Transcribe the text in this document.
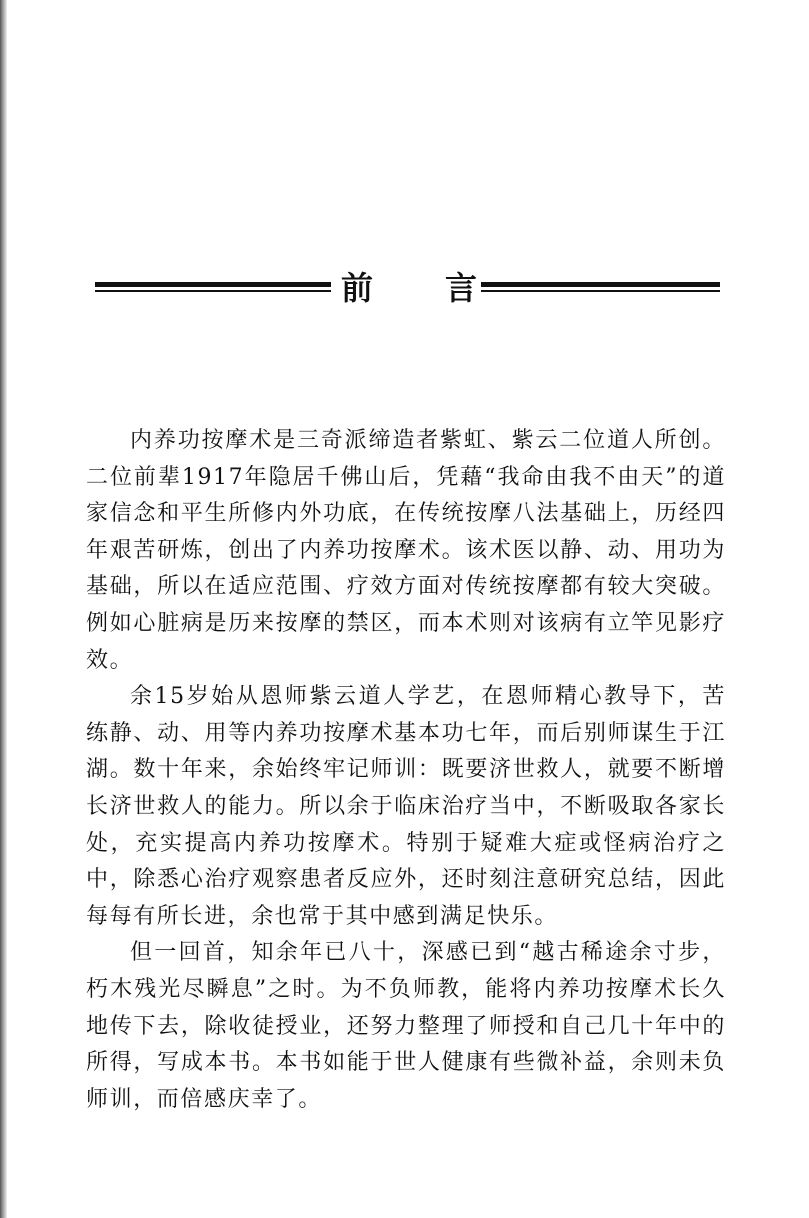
前 言

内养功按摩术是三奇派缔造者紫虹、紫云二位道人所创。二位前辈1917年隐居千佛山后，凭藉“我命由我不由天”的道家信念和平生所修内外功底，在传统按摩八法基础上，历经四年艰苦研炼，创出了内养功按摩术。该术医以静、动、用功为基础，所以在适应范围、疗效方面对传统按摩都有较大突破。例如心脏病是历来按摩的禁区，而本术则对该病有立竿见影疗效。

余15岁始从恩师紫云道人学艺，在恩师精心教导下，苦练静、动、用等内养功按摩术基本功七年，而后别师谋生于江湖。数十年来，余始终牢记师训：既要济世救人，就要不断增长济世救人的能力。所以余于临床治疗当中，不断吸取各家长处，充实提高内养功按摩术。特别于疑难大症或怪病治疗之中，除悉心治疗观察患者反应外，还时刻注意研究总结，因此每每有所长进，余也常于其中感到满足快乐。

但一回首，知余年已八十，深感已到“越古稀途余寸步，朽木残光尽瞬息”之时。为不负师教，能将内养功按摩术长久地传下去，除收徒授业，还努力整理了师授和自己几十年中的所得，写成本书。本书如能于世人健康有些微补益，余则未负师训，而倍感庆幸了。
